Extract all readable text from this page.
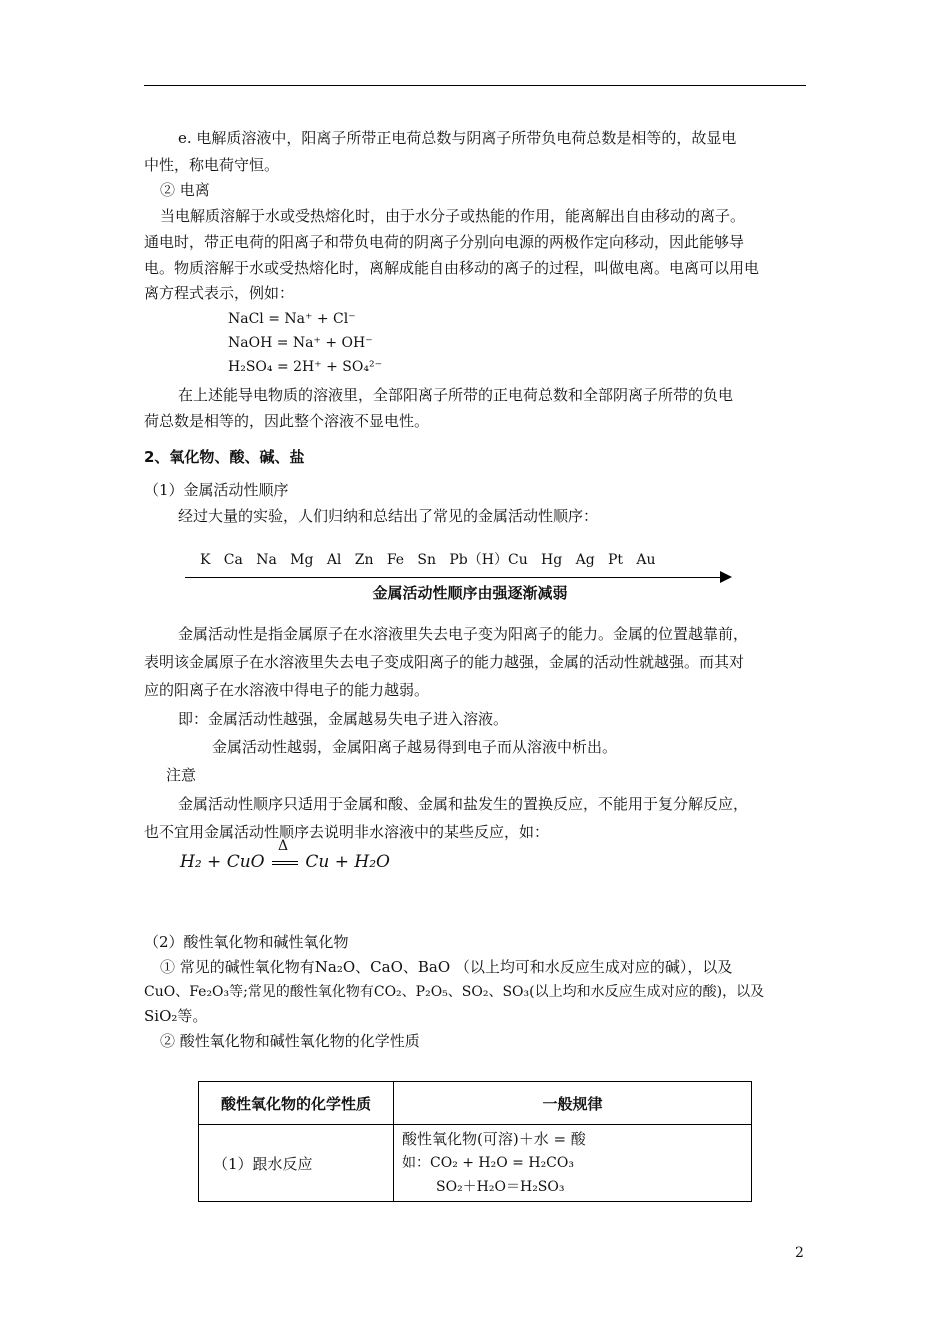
e. 电解质溶液中，阳离子所带正电荷总数与阴离子所带负电荷总数是相等的，故显电
中性，称电荷守恒。
② 电离
当电解质溶解于水或受热熔化时，由于水分子或热能的作用，能离解出自由移动的离子。
通电时，带正电荷的阳离子和带负电荷的阴离子分别向电源的两极作定向移动，因此能够导
电。物质溶解于水或受热熔化时，离解成能自由移动的离子的过程，叫做电离。电离可以用电
离方程式表示，例如：
NaCl = Na⁺ + Cl⁻
NaOH = Na⁺ + OH⁻
H₂SO₄ = 2H⁺ + SO₄²⁻
在上述能导电物质的溶液里，全部阳离子所带的正电荷总数和全部阴离子所带的负电
荷总数是相等的，因此整个溶液不显电性。
2、氧化物、酸、碱、盐
（1）金属活动性顺序
经过大量的实验，人们归纳和总结出了常见的金属活动性顺序：
K   Ca   Na   Mg   Al   Zn   Fe   Sn   Pb（H）Cu   Hg   Ag   Pt   Au
金属活动性顺序由强逐渐减弱
金属活动性是指金属原子在水溶液里失去电子变为阳离子的能力。金属的位置越靠前，
表明该金属原子在水溶液里失去电子变成阳离子的能力越强，金属的活动性就越强。而其对
应的阳离子在水溶液中得电子的能力越弱。
即：金属活动性越强，金属越易失电子进入溶液。
金属活动性越弱，金属阳离子越易得到电子而从溶液中析出。
注意
金属活动性顺序只适用于金属和酸、金属和盐发生的置换反应，不能用于复分解反应，
也不宜用金属活动性顺序去说明非水溶液中的某些反应，如：
H₂ + CuO
Δ
Cu + H₂O
（2）酸性氧化物和碱性氧化物
① 常见的碱性氧化物有Na₂O、CaO、BaO （以上均可和水反应生成对应的碱），以及
CuO、Fe₂O₃等;常见的酸性氧化物有CO₂、P₂O₅、SO₂、SO₃(以上均和水反应生成对应的酸)，以及
SiO₂等。
② 酸性氧化物和碱性氧化物的化学性质
酸性氧化物的化学性质	一般规律
（1）跟水反应	酸性氧化物(可溶)＋水 = 酸
如：CO₂ + H₂O = H₂CO₃
SO₂＋H₂O＝H₂SO₃
2
